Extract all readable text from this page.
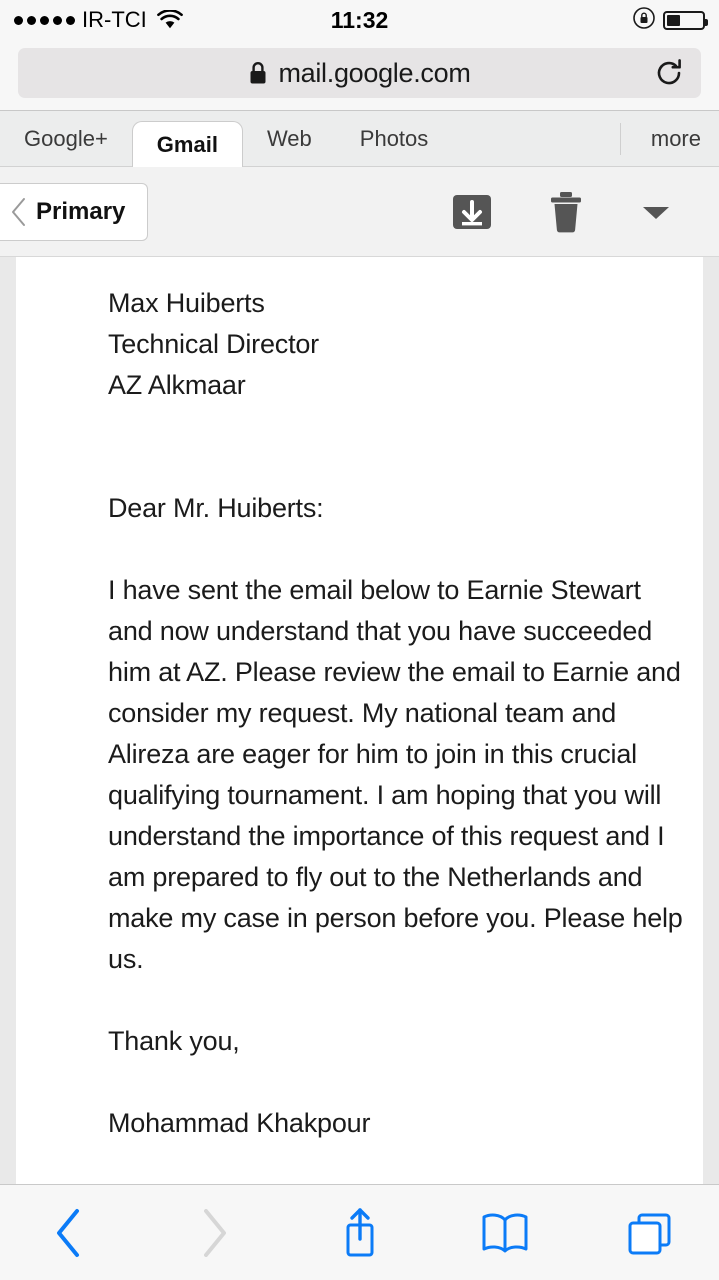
IR-TCI	11:32
mail.google.com
Google+	Gmail	Web	Photos	more
Primary
Max Huiberts
Technical Director
AZ Alkmaar
Dear Mr. Huiberts:
I have sent the email below to Earnie Stewart and now understand that you have succeeded him at AZ. Please review the email to Earnie and consider my request. My national team and Alireza are eager for him to join in this crucial qualifying tournament. I am hoping that you will understand the importance of this request and I am prepared to fly out to the Netherlands and make my case in person before you. Please help us.
Thank you,
Mohammad Khakpour
